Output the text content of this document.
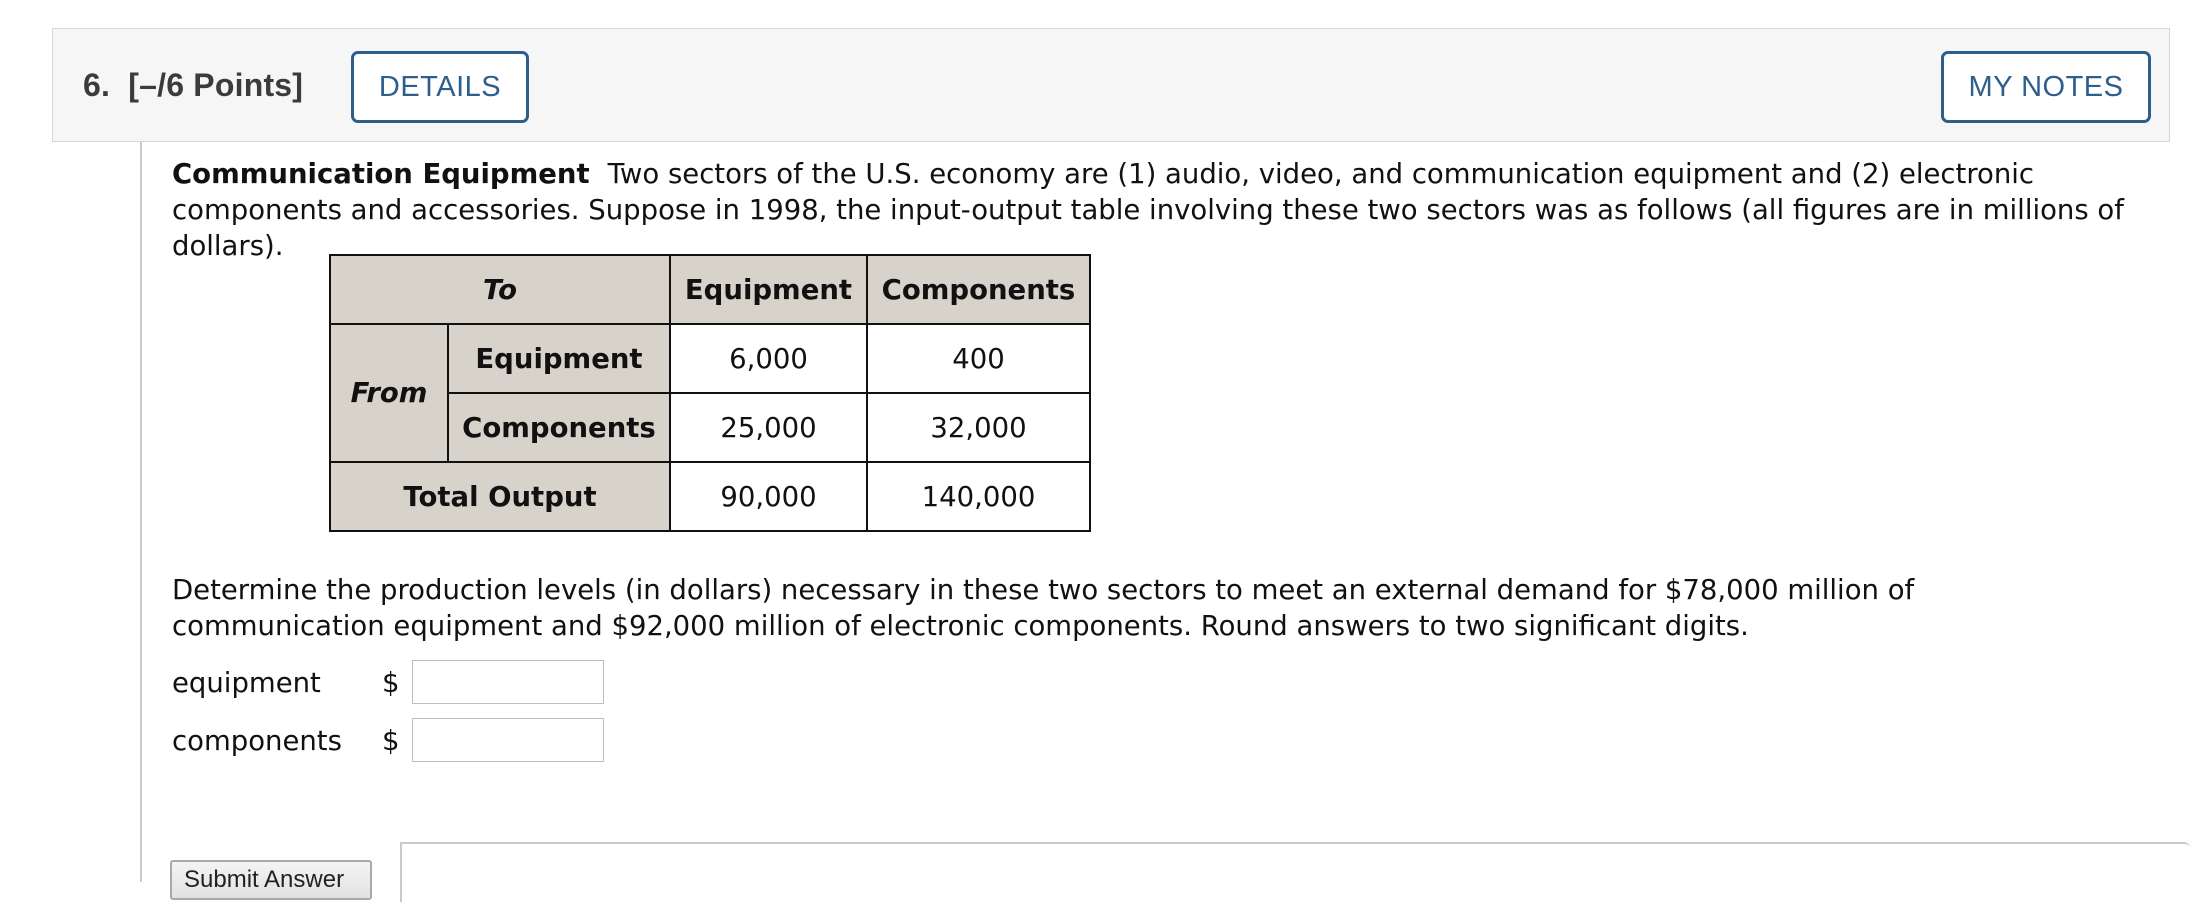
6. [–/6 Points]	DETAILS	MY NOTES
Communication Equipment Two sectors of the U.S. economy are (1) audio, video, and communication equipment and (2) electronic components and accessories. Suppose in 1998, the input-output table involving these two sectors was as follows (all figures are in millions of dollars).
To		Equipment	Components
From	Equipment	6,000	400
	Components	25,000	32,000
Total Output		90,000	140,000
Determine the production levels (in dollars) necessary in these two sectors to meet an external demand for $78,000 million of communication equipment and $92,000 million of electronic components. Round answers to two significant digits.
equipment $
components $
Submit Answer
